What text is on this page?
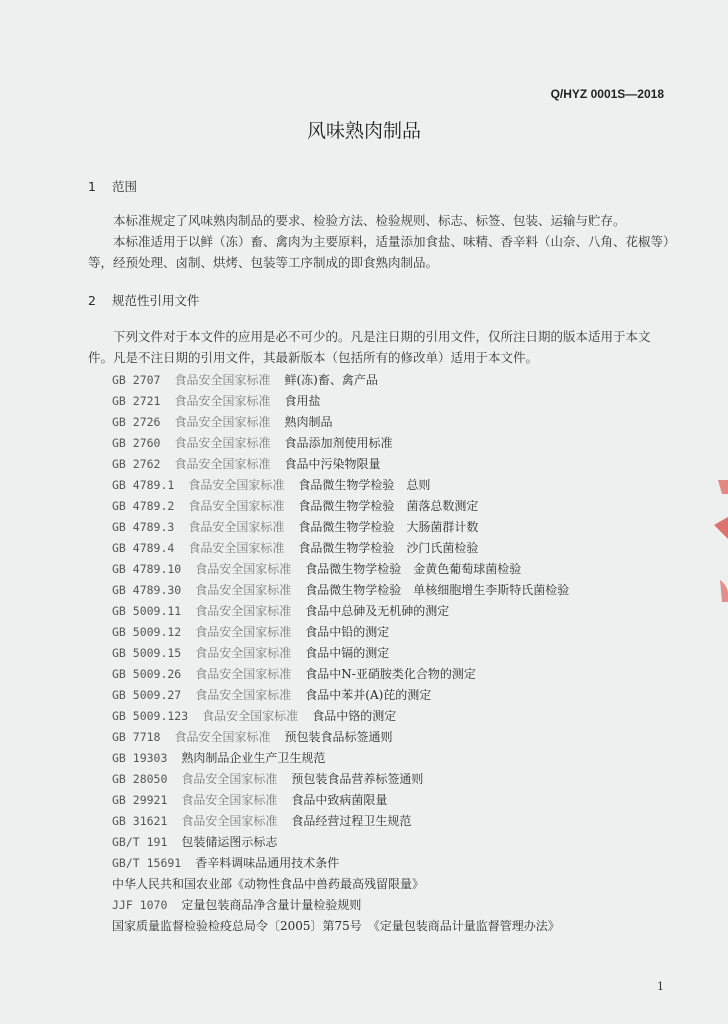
Q/HYZ 0001S—2018
风味熟肉制品
1 范围
本标准规定了风味熟肉制品的要求、检验方法、检验规则、标志、标签、包装、运输与贮存。
本标准适用于以鲜（冻）畜、禽肉为主要原料，适量添加食盐、味精、香辛料（山奈、八角、花椒等）等，经预处理、卤制、烘烤、包装等工序制成的即食熟肉制品。
2 规范性引用文件
下列文件对于本文件的应用是必不可少的。凡是注日期的引用文件，仅所注日期的版本适用于本文件。凡是不注日期的引用文件，其最新版本（包括所有的修改单）适用于本文件。
GB 2707 食品安全国家标准 鲜(冻)畜、禽产品
GB 2721 食品安全国家标准 食用盐
GB 2726 食品安全国家标准 熟肉制品
GB 2760 食品安全国家标准 食品添加剂使用标准
GB 2762 食品安全国家标准 食品中污染物限量
GB 4789.1 食品安全国家标准 食品微生物学检验　总则
GB 4789.2 食品安全国家标准 食品微生物学检验　菌落总数测定
GB 4789.3 食品安全国家标准 食品微生物学检验　大肠菌群计数
GB 4789.4 食品安全国家标准 食品微生物学检验　沙门氏菌检验
GB 4789.10 食品安全国家标准 食品微生物学检验　金黄色葡萄球菌检验
GB 4789.30 食品安全国家标准 食品微生物学检验　单核细胞增生李斯特氏菌检验
GB 5009.11 食品安全国家标准 食品中总砷及无机砷的测定
GB 5009.12 食品安全国家标准 食品中铅的测定
GB 5009.15 食品安全国家标准 食品中镉的测定
GB 5009.26 食品安全国家标准 食品中N-亚硝胺类化合物的测定
GB 5009.27 食品安全国家标准 食品中苯并(A)芘的测定
GB 5009.123 食品安全国家标准 食品中铬的测定
GB 7718 食品安全国家标准 预包装食品标签通则
GB 19303 熟肉制品企业生产卫生规范
GB 28050 食品安全国家标准 预包装食品营养标签通则
GB 29921 食品安全国家标准 食品中致病菌限量
GB 31621 食品安全国家标准 食品经营过程卫生规范
GB/T 191 包装储运图示标志
GB/T 15691 香辛料调味品通用技术条件
中华人民共和国农业部《动物性食品中兽药最高残留限量》
JJF 1070 定量包装商品净含量计量检验规则
国家质量监督检验检疫总局令〔2005〕第75号　《定量包装商品计量监督管理办法》
1
